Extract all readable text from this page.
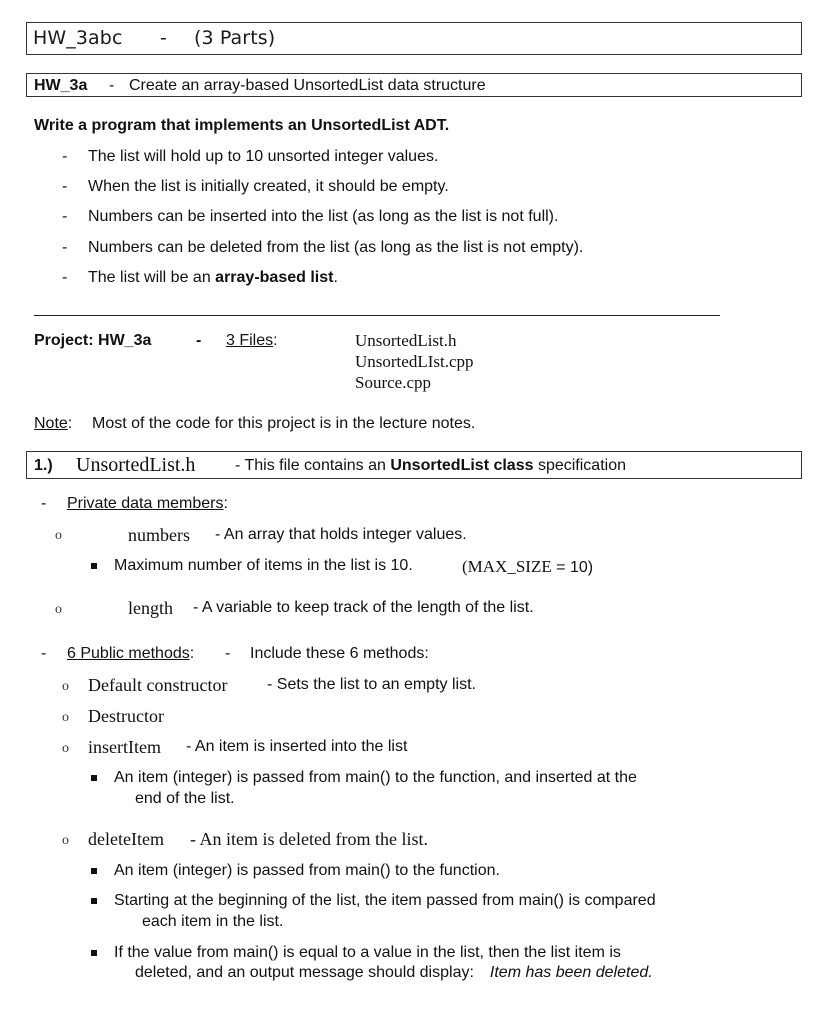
HW_3abc - (3 Parts)
HW_3a - Create an array-based UnsortedList data structure
Write a program that implements an UnsortedList ADT.
- The list will hold up to 10 unsorted integer values.
- When the list is initially created, it should be empty.
- Numbers can be inserted into the list (as long as the list is not full).
- Numbers can be deleted from the list (as long as the list is not empty).
- The list will be an array-based list.
Project: HW_3a	- 3 Files:	UnsortedList.h
UnsortedLIst.cpp
Source.cpp
Note: Most of the code for this project is in the lecture notes.
1.) UnsortedList.h - This file contains an UnsortedList class specification
- Private data members:
o	numbers - An array that holds integer values.
Maximum number of items in the list is 10.	(MAX_SIZE = 10)
o	length - A variable to keep track of the length of the list.
- 6 Public methods: - Include these 6 methods:
o Default constructor - Sets the list to an empty list.
o Destructor
o insertItem - An item is inserted into the list
An item (integer) is passed from main() to the function, and inserted at the
end of the list.
o deleteItem - An item is deleted from the list.
An item (integer) is passed from main() to the function.
Starting at the beginning of the list, the item passed from main() is compared
each item in the list.
If the value from main() is equal to a value in the list, then the list item is
deleted, and an output message should display: Item has been deleted.
